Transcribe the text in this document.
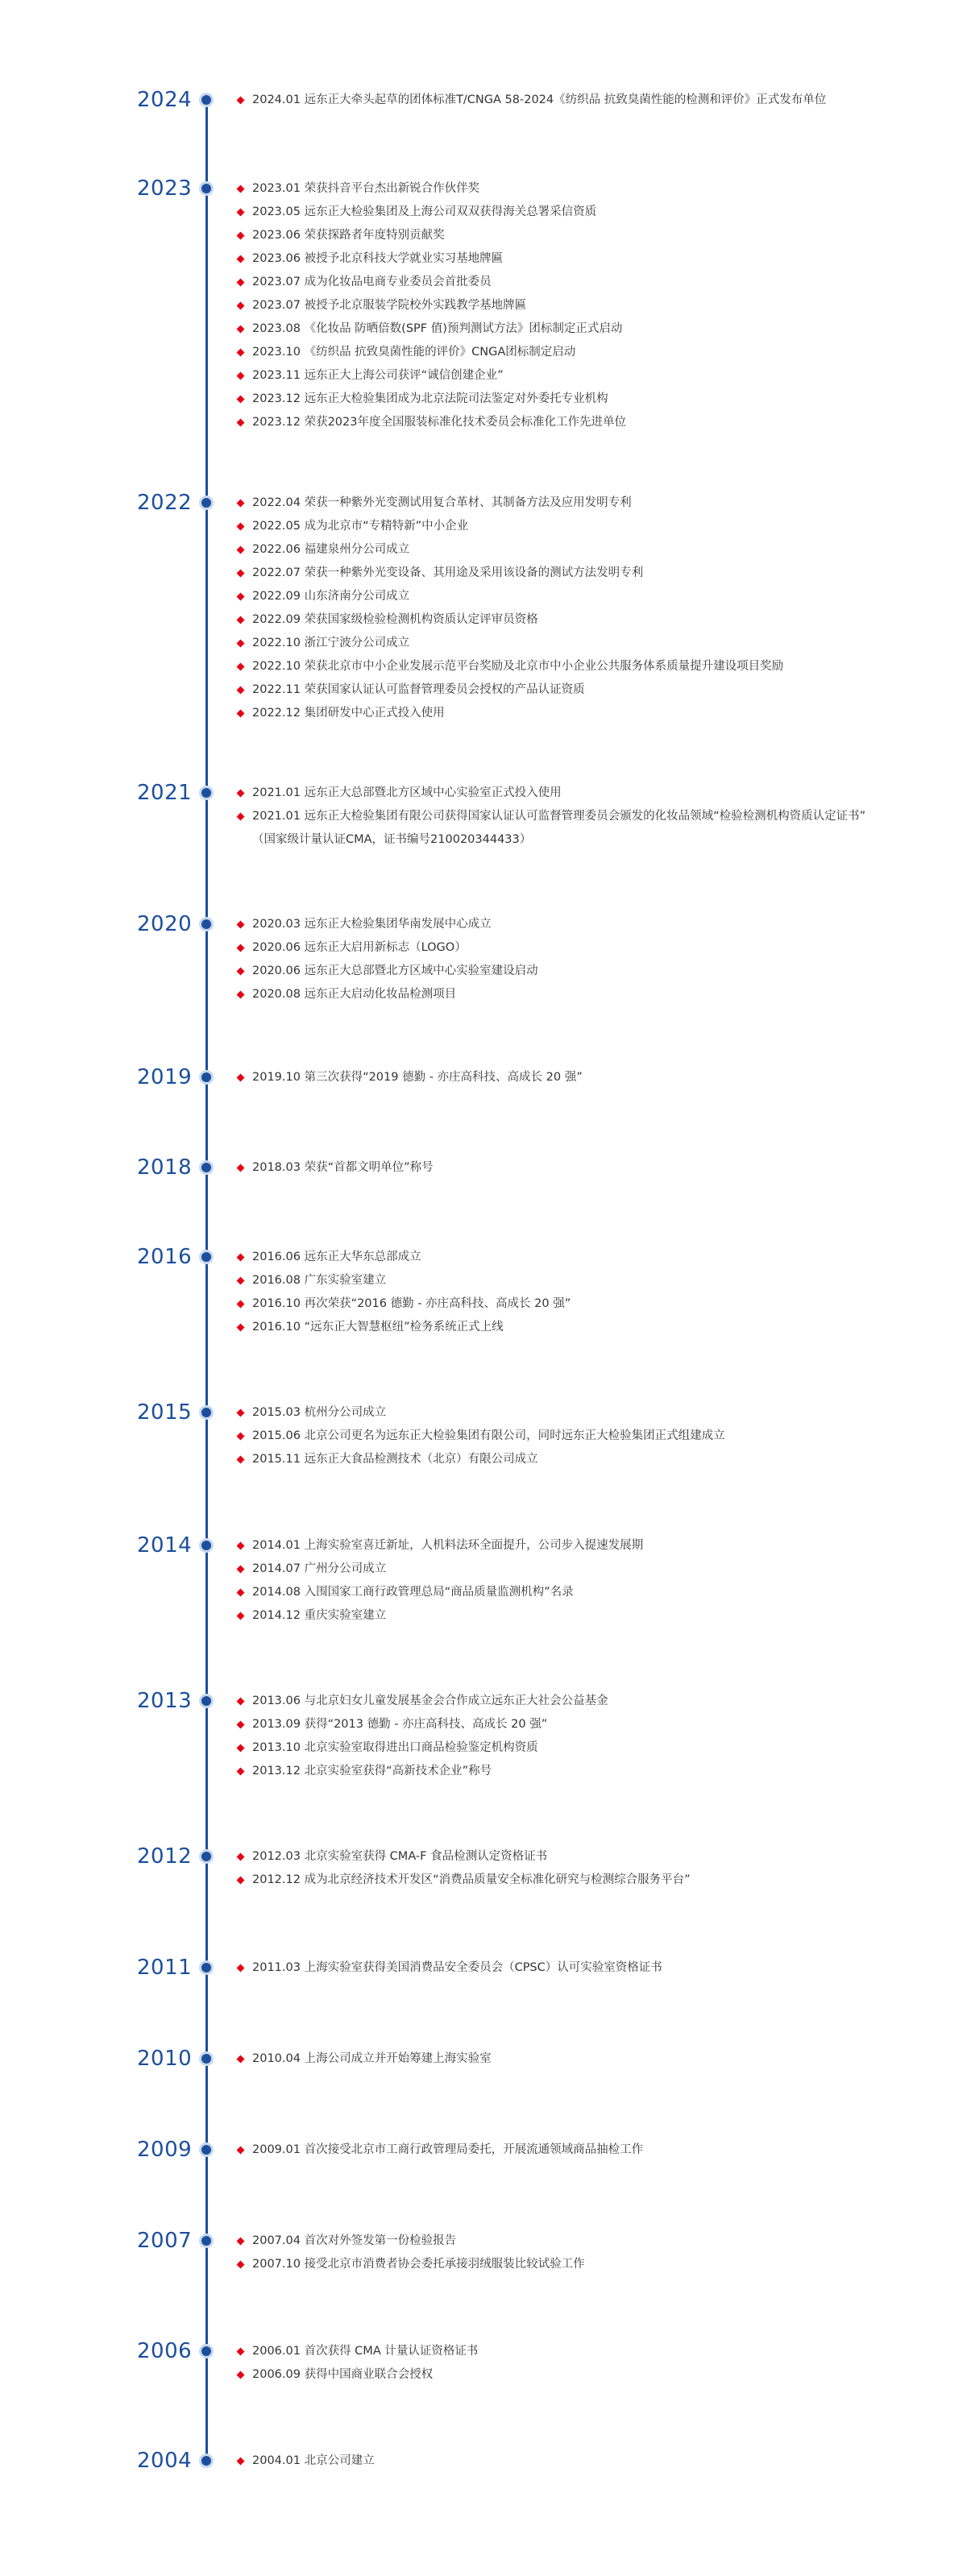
2024	2024.01 远东正大牵头起草的团体标准T/CNGA 58-2024《纺织品 抗致臭菌性能的检测和评价》正式发布单位
2023	2023.01 荣获抖音平台杰出新锐合作伙伴奖
2023.05 远东正大检验集团及上海公司双双获得海关总署采信资质
2023.06 荣获探路者年度特别贡献奖
2023.06 被授予北京科技大学就业实习基地牌匾
2023.07 成为化妆品电商专业委员会首批委员
2023.07 被授予北京服装学院校外实践教学基地牌匾
2023.08 《化妆品 防晒倍数(SPF 值)预判测试方法》团标制定正式启动
2023.10 《纺织品 抗致臭菌性能的评价》CNGA团标制定启动
2023.11 远东正大上海公司获评“诚信创建企业”
2023.12 远东正大检验集团成为北京法院司法鉴定对外委托专业机构
2023.12 荣获2023年度全国服装标准化技术委员会标准化工作先进单位
2022	2022.04 荣获一种紫外光变测试用复合革材、其制备方法及应用发明专利
2022.05 成为北京市“专精特新”中小企业
2022.06 福建泉州分公司成立
2022.07 荣获一种紫外光变设备、其用途及采用该设备的测试方法发明专利
2022.09 山东济南分公司成立
2022.09 荣获国家级检验检测机构资质认定评审员资格
2022.10 浙江宁波分公司成立
2022.10 荣获北京市中小企业发展示范平台奖励及北京市中小企业公共服务体系质量提升建设项目奖励
2022.11 荣获国家认证认可监督管理委员会授权的产品认证资质
2022.12 集团研发中心正式投入使用
2021	2021.01 远东正大总部暨北方区域中心实验室正式投入使用
2021.01 远东正大检验集团有限公司获得国家认证认可监督管理委员会颁发的化妆品领域“检验检测机构资质认定证书” （国家级计量认证CMA，证书编号210020344433）
2020	2020.03 远东正大检验集团华南发展中心成立
2020.06 远东正大启用新标志（LOGO）
2020.06 远东正大总部暨北方区域中心实验室建设启动
2020.08 远东正大启动化妆品检测项目
2019	2019.10 第三次获得“2019 德勤 - 亦庄高科技、高成长 20 强”
2018	2018.03 荣获“首都文明单位”称号
2016	2016.06 远东正大华东总部成立
2016.08 广东实验室建立
2016.10 再次荣获“2016 德勤 - 亦庄高科技、高成长 20 强”
2016.10 “远东正大智慧枢纽”检务系统正式上线
2015	2015.03 杭州分公司成立
2015.06 北京公司更名为远东正大检验集团有限公司，同时远东正大检验集团正式组建成立
2015.11 远东正大食品检测技术（北京）有限公司成立
2014	2014.01 上海实验室喜迁新址，人机料法环全面提升，公司步入提速发展期
2014.07 广州分公司成立
2014.08 入围国家工商行政管理总局“商品质量监测机构”名录
2014.12 重庆实验室建立
2013	2013.06 与北京妇女儿童发展基金会合作成立远东正大社会公益基金
2013.09 获得“2013 德勤 - 亦庄高科技、高成长 20 强”
2013.10 北京实验室取得进出口商品检验鉴定机构资质
2013.12 北京实验室获得“高新技术企业”称号
2012	2012.03 北京实验室获得 CMA-F 食品检测认定资格证书
2012.12 成为北京经济技术开发区“消费品质量安全标准化研究与检测综合服务平台”
2011	2011.03 上海实验室获得美国消费品安全委员会（CPSC）认可实验室资格证书
2010	2010.04 上海公司成立并开始筹建上海实验室
2009	2009.01 首次接受北京市工商行政管理局委托，开展流通领域商品抽检工作
2007	2007.04 首次对外签发第一份检验报告
2007.10 接受北京市消费者协会委托承接羽绒服装比较试验工作
2006	2006.01 首次获得 CMA 计量认证资格证书
2006.09 获得中国商业联合会授权
2004	2004.01 北京公司建立
